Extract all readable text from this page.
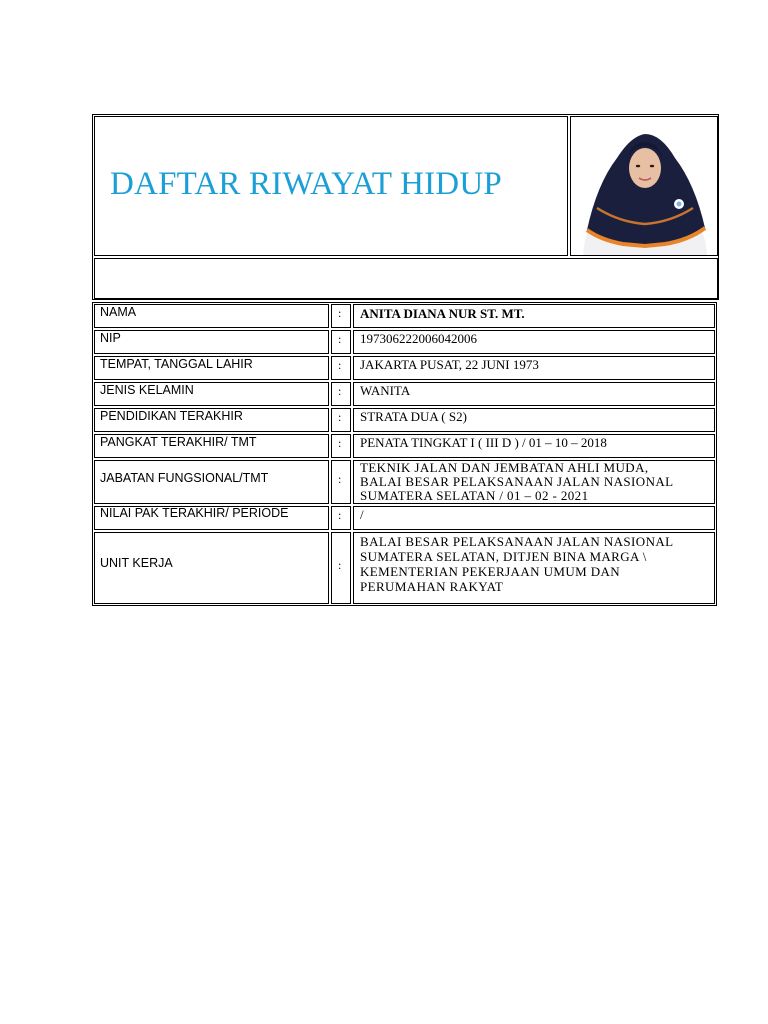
DAFTAR RIWAYAT HIDUP
NAMA	: ANITA DIANA NUR ST. MT.
NIP	: 197306222006042006
TEMPAT, TANGGAL LAHIR	: JAKARTA PUSAT, 22 JUNI 1973
JENIS KELAMIN	: WANITA
PENDIDIKAN TERAKHIR	: STRATA DUA ( S2)
PANGKAT TERAKHIR/ TMT	: PENATA TINGKAT I ( III D ) / 01 – 10 – 2018
JABATAN FUNGSIONAL/TMT	:
TEKNIK JALAN DAN JEMBATAN AHLI MUDA,
BALAI BESAR PELAKSANAAN JALAN NASIONAL
SUMATERA SELATAN / 01 – 02 - 2021
NILAI PAK TERAKHIR/ PERIODE	: /
UNIT KERJA	:
BALAI BESAR PELAKSANAAN JALAN NASIONAL
SUMATERA SELATAN, DITJEN BINA MARGA \
KEMENTERIAN PEKERJAAN UMUM DAN
PERUMAHAN RAKYAT
